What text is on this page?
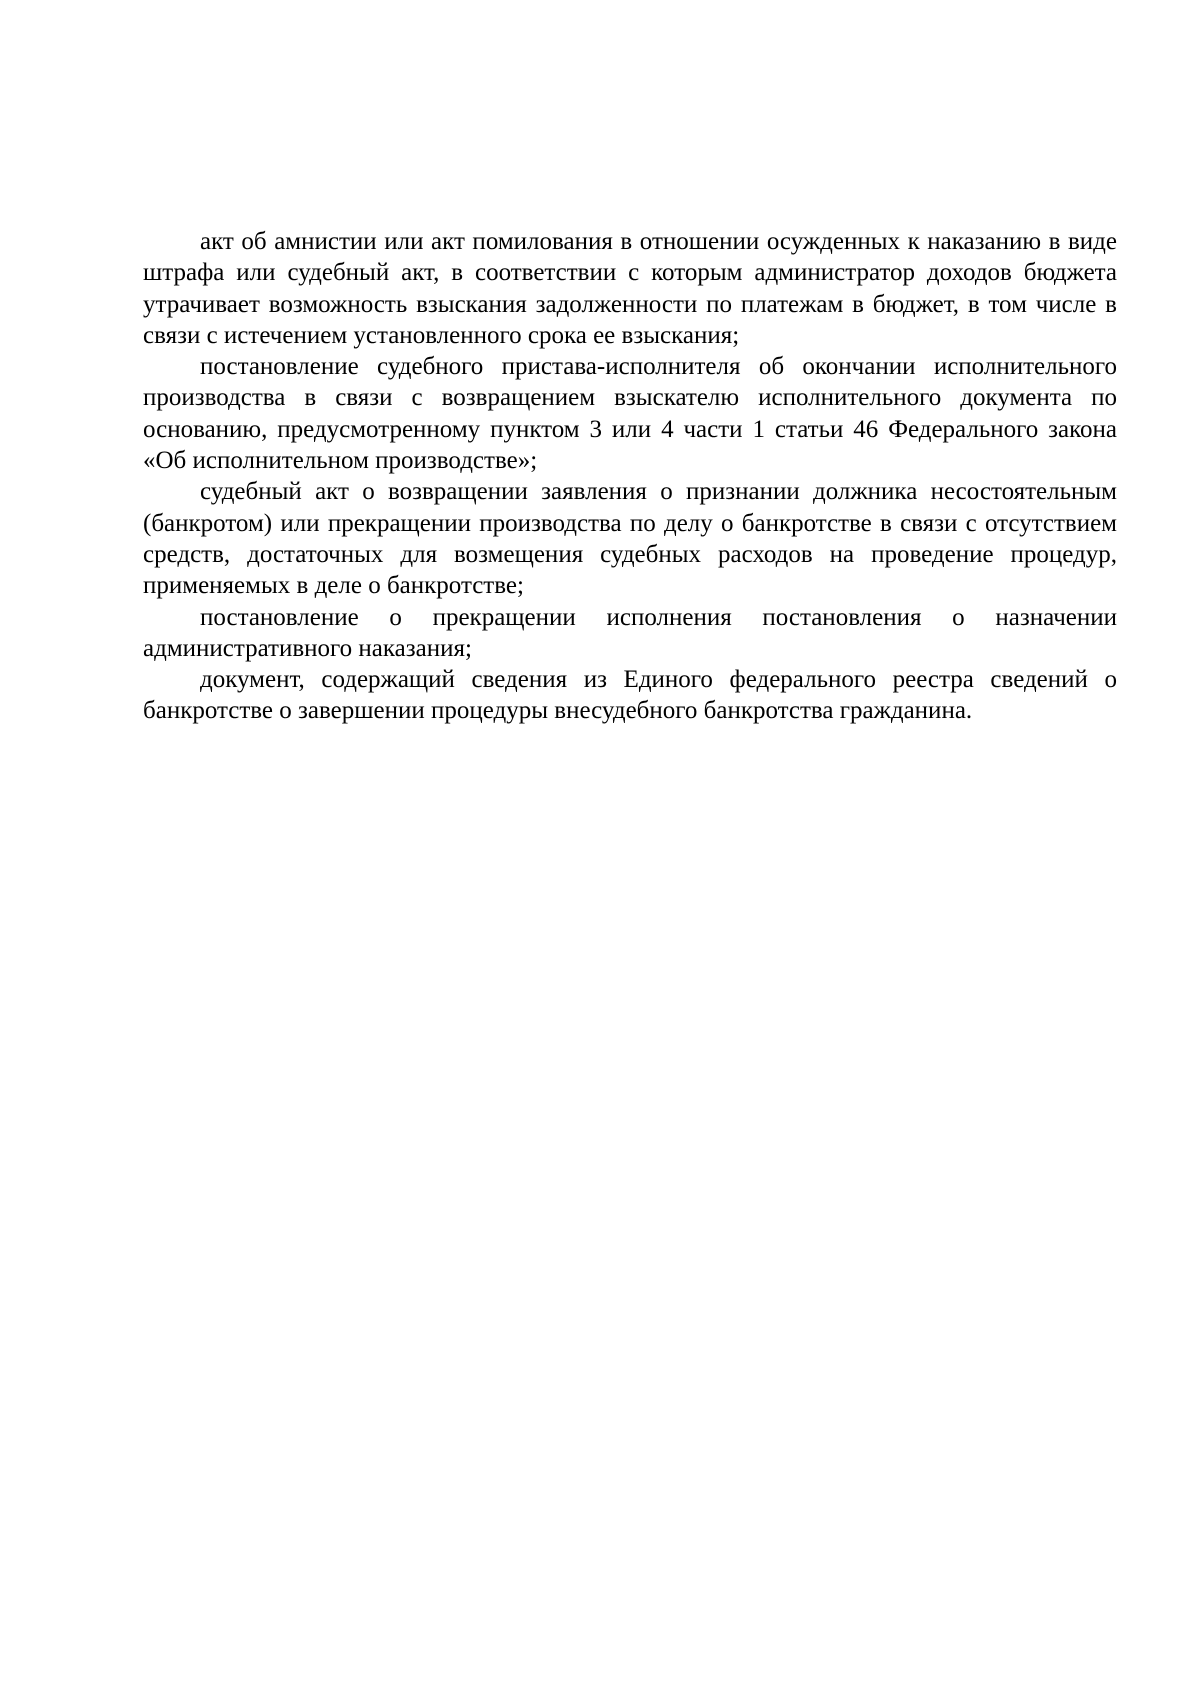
акт об амнистии или акт помилования в отношении осужденных к наказанию в виде штрафа или судебный акт, в соответствии с которым администратор доходов бюджета утрачивает возможность взыскания задолженности по платежам в бюджет, в том числе в связи с истечением установленного срока ее взыскания;

постановление судебного пристава-исполнителя об окончании исполнительного производства в связи с возвращением взыскателю исполнительного документа по основанию, предусмотренному пунктом 3 или 4 части 1 статьи 46 Федерального закона «Об исполнительном производстве»;

судебный акт о возвращении заявления о признании должника несостоятельным (банкротом) или прекращении производства по делу о банкротстве в связи с отсутствием средств, достаточных для возмещения судебных расходов на проведение процедур, применяемых в деле о банкротстве;

постановление о прекращении исполнения постановления о назначении административного наказания;

документ, содержащий сведения из Единого федерального реестра сведений о банкротстве о завершении процедуры внесудебного банкротства гражданина.
